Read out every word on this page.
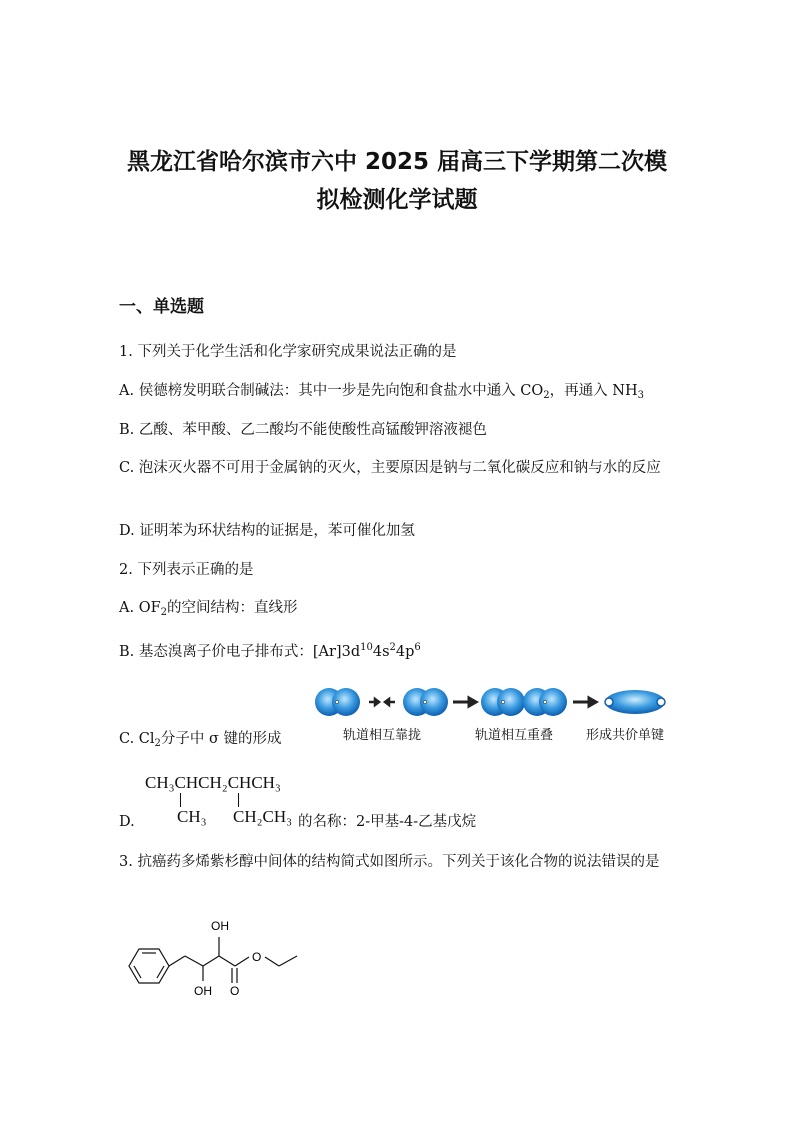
黑龙江省哈尔滨市六中 2025 届高三下学期第二次模
拟检测化学试题
一、单选题
1. 下列关于化学生活和化学家研究成果说法正确的是
A. 侯德榜发明联合制碱法：其中一步是先向饱和食盐水中通入 $CO_2$，再通入 $NH_3$
B. 乙酸、苯甲酸、乙二酸均不能使酸性高锰酸钾溶液褪色
C. 泡沫灭火器不可用于金属钠的灭火，主要原因是钠与二氧化碳反应和钠与水的反应
D. 证明苯为环状结构的证据是，苯可催化加氢
2. 下列表示正确的是
A. $OF_2$的空间结构：直线形
B. 基态溴离子价电子排布式：$[Ar]3d^{10}4s^24p^6$
C. $Cl_2$分子中 σ 键的形成	轨道相互靠拢	轨道相互重叠	形成共价单键
D.
CH₃CHCH₂CHCH₃
CH₃ CH₂CH₃ 的名称：2-甲基-4-乙基戊烷
3. 抗癌药多烯紫杉醇中间体的结构简式如图所示。下列关于该化合物的说法错误的是
OH
OH
O
O
